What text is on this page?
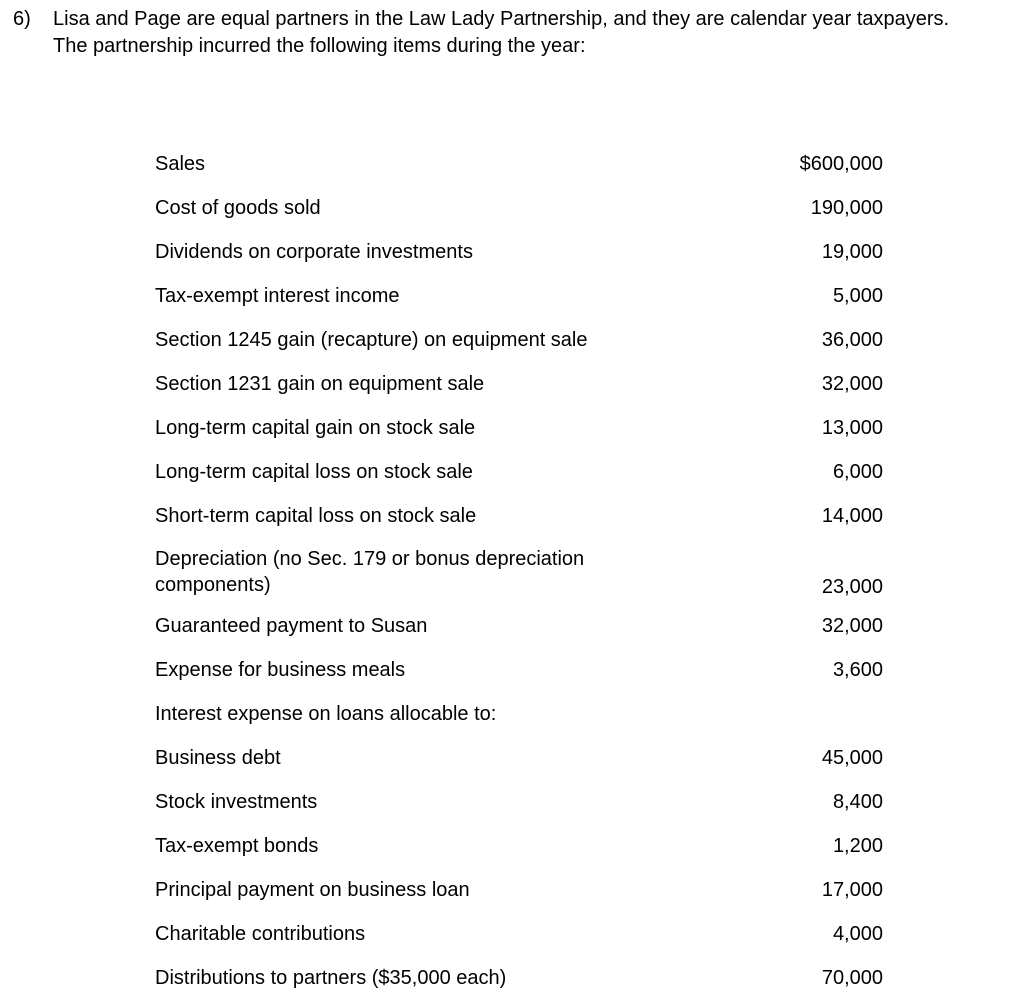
6) Lisa and Page are equal partners in the Law Lady Partnership, and they are calendar year taxpayers.
The partnership incurred the following items during the year:
Sales	$600,000
Cost of goods sold	190,000
Dividends on corporate investments	19,000
Tax-exempt interest income	5,000
Section 1245 gain (recapture) on equipment sale	36,000
Section 1231 gain on equipment sale	32,000
Long-term capital gain on stock sale	13,000
Long-term capital loss on stock sale	6,000
Short-term capital loss on stock sale	14,000
Depreciation (no Sec. 179 or bonus depreciation components)	23,000
Guaranteed payment to Susan	32,000
Expense for business meals	3,600
Interest expense on loans allocable to:
Business debt	45,000
Stock investments	8,400
Tax-exempt bonds	1,200
Principal payment on business loan	17,000
Charitable contributions	4,000
Distributions to partners ($35,000 each)	70,000
